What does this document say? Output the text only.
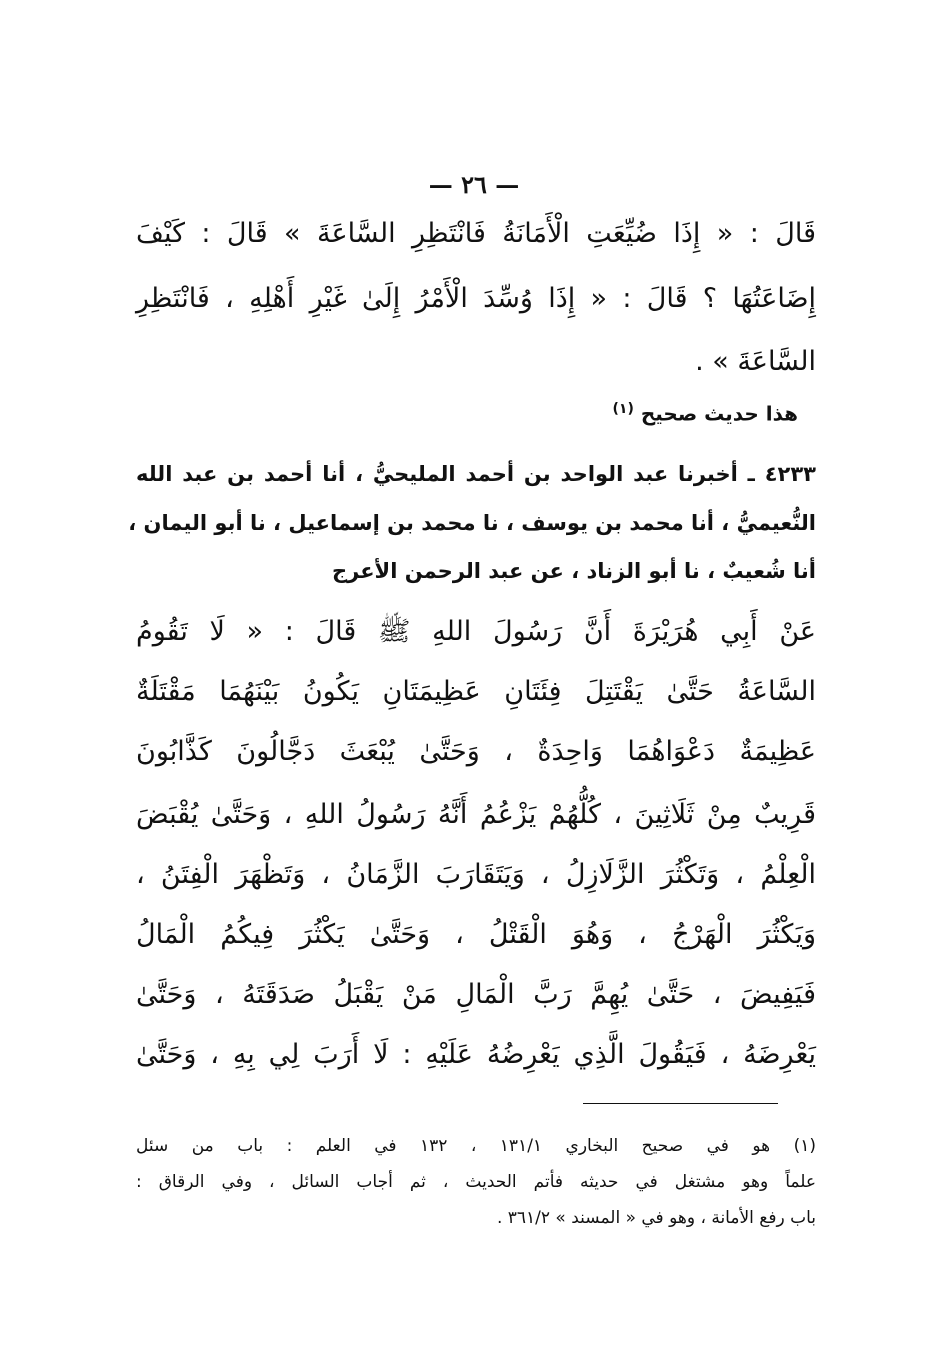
— ٢٦ —
قَالَ : « إِذَا ضُيِّعَتِ الْأَمَانَةُ فَانْتَظِرِ السَّاعَةَ » قَالَ : كَيْفَ
إِضَاعَتُهَا ؟ قَالَ : « إِذَا وُسِّدَ الْأَمْرُ إِلَىٰ غَيْرِ أَهْلِهِ ، فَانْتَظِرِ
السَّاعَةَ » .
هذا حديث صحيح $^{(١)}$
٤٢٣٣ ـ أخبرنا عبد الواحد بن أحمد المليحيُّ ، أنا أحمد بن عبد الله
النُّعيميُّ ، أنا محمد بن يوسف ، نا محمد بن إسماعيل ، نا أبو اليمان ،
أنا شُعيبٌ ، نا أبو الزناد ، عن عبد الرحمن الأعرج
عَنْ أَبِي هُرَيْرَةَ أَنَّ رَسُولَ اللهِ ﷺ قَالَ : « لَا تَقُومُ
السَّاعَةُ حَتَّىٰ يَقْتَتِلَ فِئَتَانِ عَظِيمَتَانِ يَكُونُ بَيْنَهُمَا مَقْتَلَةٌ
عَظِيمَةٌ دَعْوَاهُمَا وَاحِدَةٌ ، وَحَتَّىٰ يُبْعَثَ دَجَّالُونَ كَذَّابُونَ
قَرِيبٌ مِنْ ثَلَاثِينَ ، كُلُّهُمْ يَزْعُمُ أَنَّهُ رَسُولُ اللهِ ، وَحَتَّىٰ يُقْبَضَ
الْعِلْمُ ، وَتَكْثُرَ الزَّلَازِلُ ، وَيَتَقَارَبَ الزَّمَانُ ، وَتَظْهَرَ الْفِتَنُ ،
وَيَكْثُرَ الْهَرْجُ ، وَهُوَ الْقَتْلُ ، وَحَتَّىٰ يَكْثُرَ فِيكُمُ الْمَالُ
فَيَفِيضَ ، حَتَّىٰ يُهِمَّ رَبَّ الْمَالِ مَنْ يَقْبَلُ صَدَقَتَهُ ، وَحَتَّىٰ
يَعْرِضَهُ ، فَيَقُولَ الَّذِي يَعْرِضُهُ عَلَيْهِ : لَا أَرَبَ لِي بِهِ ، وَحَتَّىٰ
(١) هو في صحيح البخاري ١٣١/١ ، ١٣٢ في العلم : باب من سئل
علماً وهو مشتغل في حديثه فأتم الحديث ، ثم أجاب السائل ، وفي الرقاق :
باب رفع الأمانة ، وهو في « المسند » ٣٦١/٢ .
